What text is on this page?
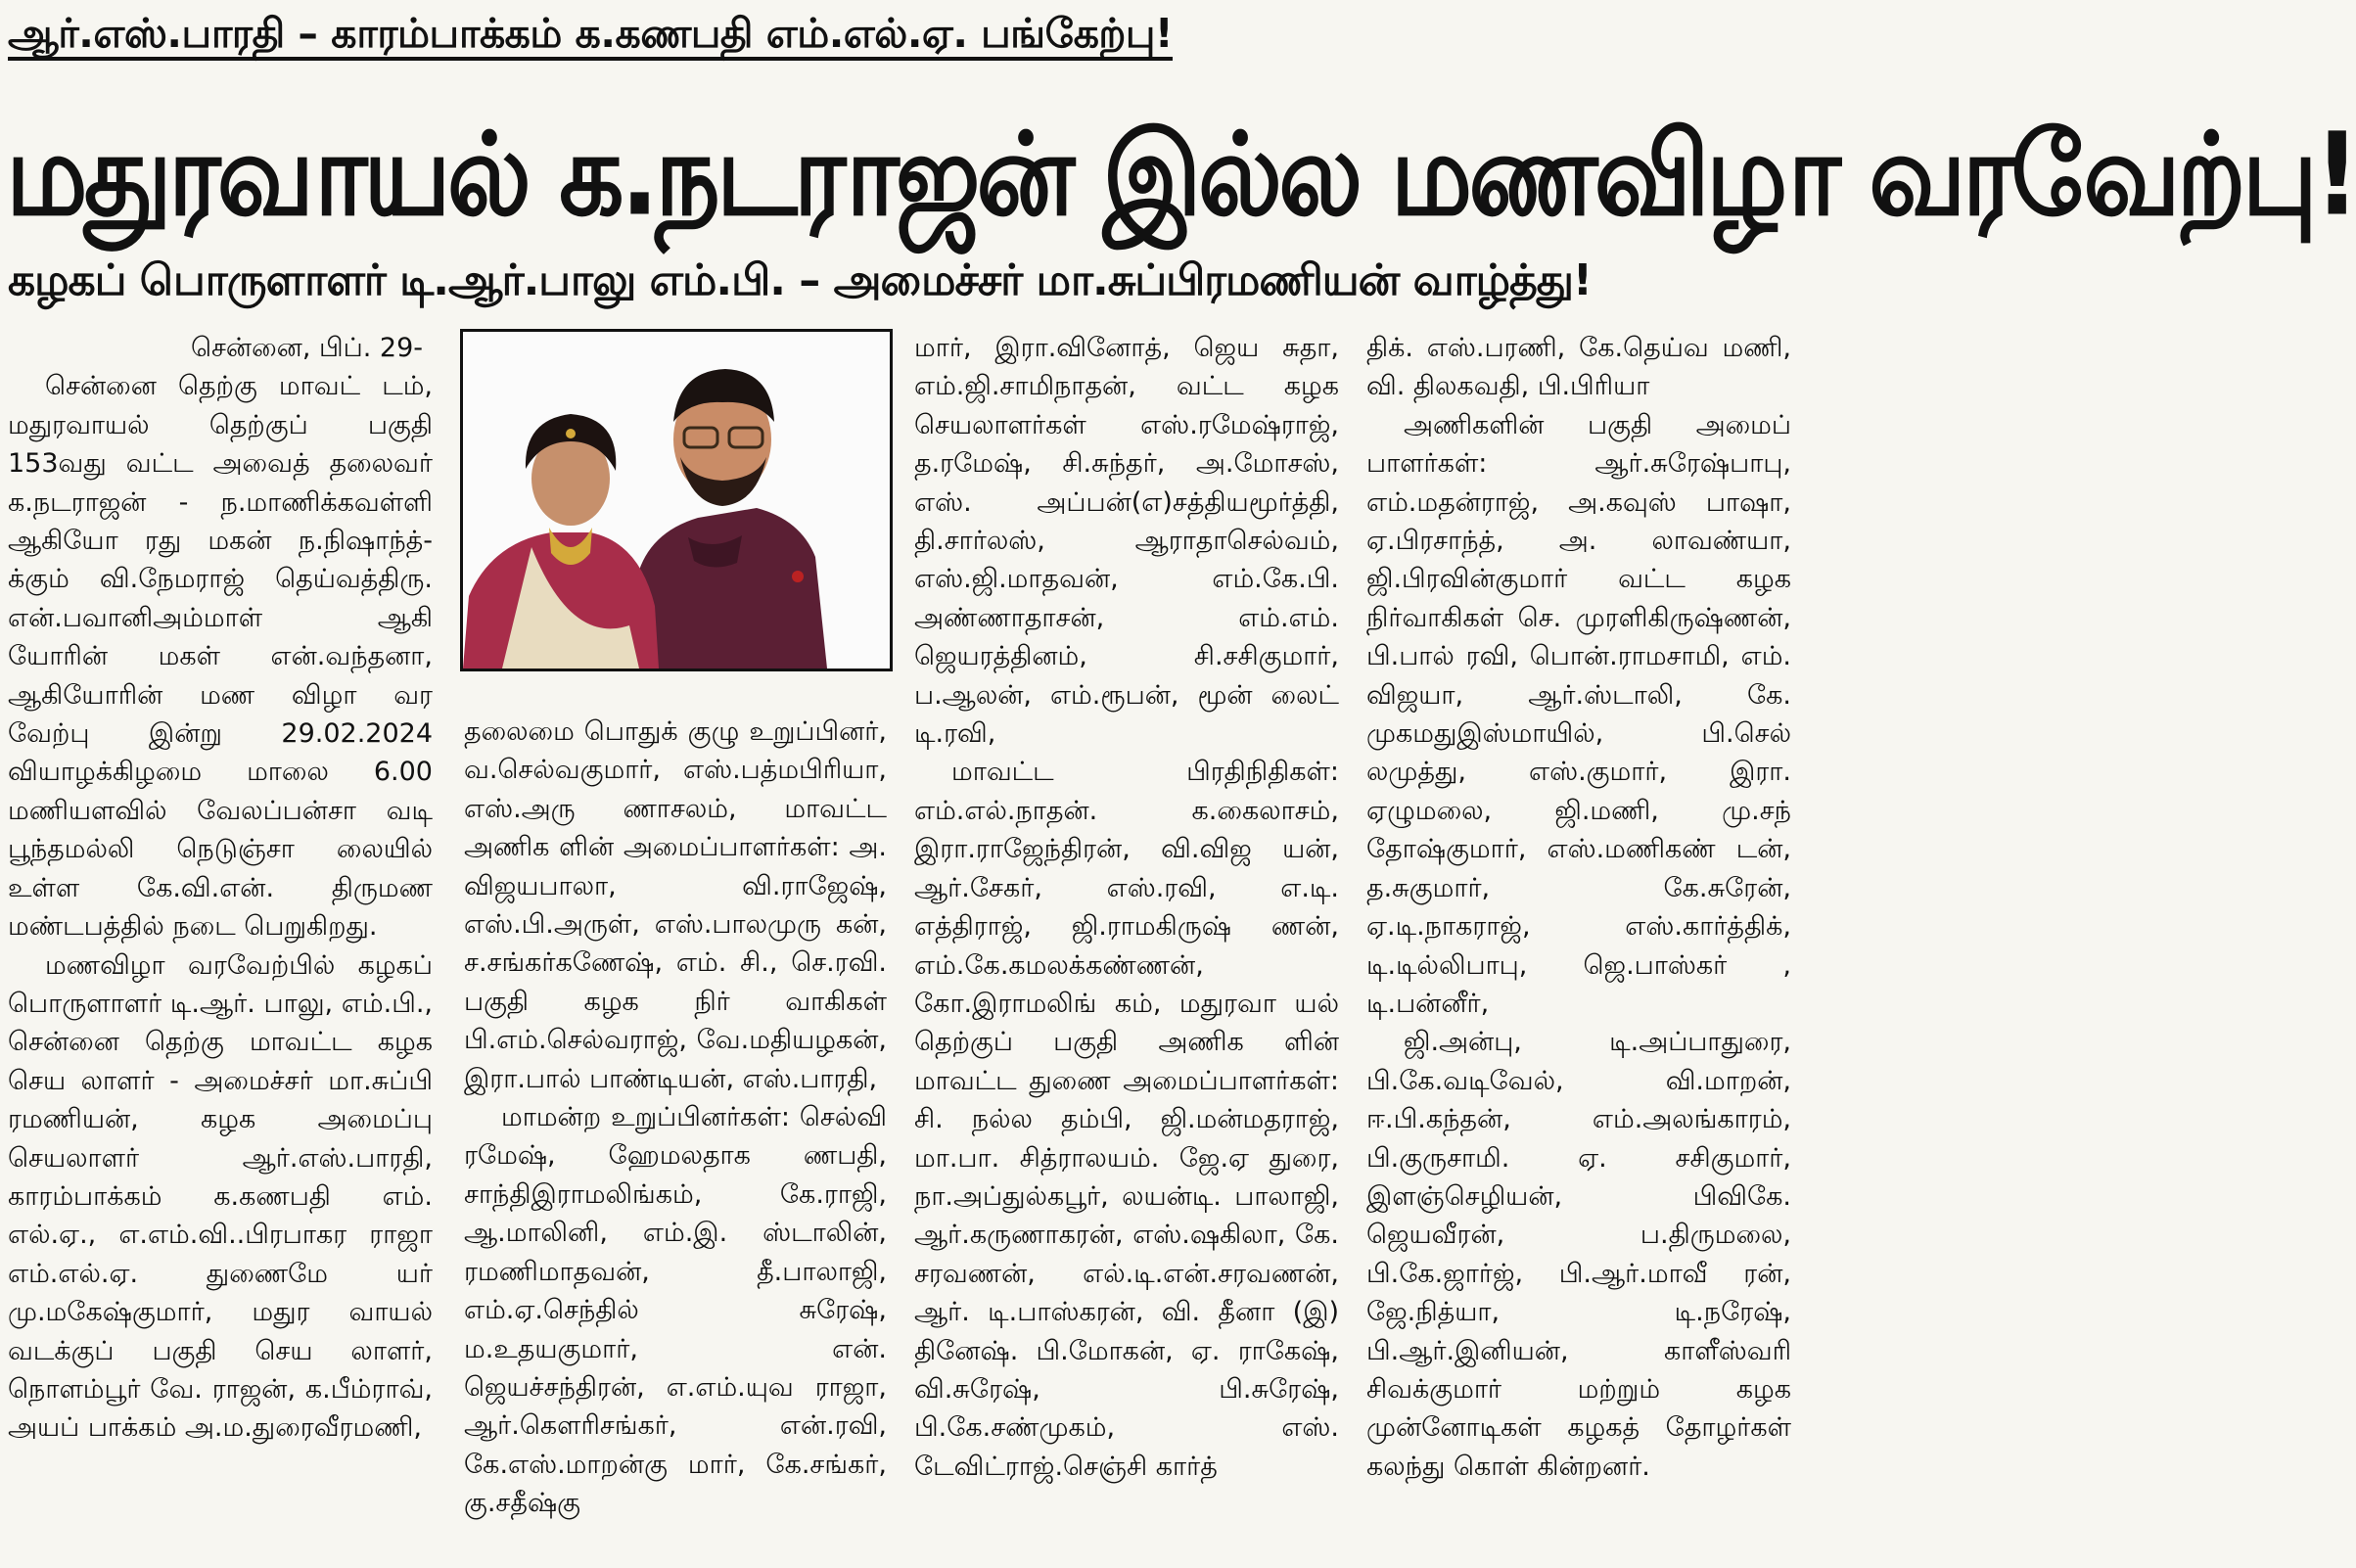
ஆர்.எஸ்.பாரதி – காரம்பாக்கம் க.கணபதி எம்.எல்.ஏ. பங்கேற்பு!
மதுரவாயல் க.நடராஜன் இல்ல மணவிழா வரவேற்பு!
கழகப் பொருளாளர் டி.ஆர்.பாலு எம்.பி. – அமைச்சர் மா.சுப்பிரமணியன் வாழ்த்து!

சென்னை, பிப். 29-

சென்னை தெற்கு மாவட் டம், மதுரவாயல் தெற்குப் பகுதி 153வது வட்ட அவைத் தலைவர் க.நடராஜன் - ந.மாணிக்கவள்ளி ஆகியோ ரது மகன் ந.நிஷாந்த்-க்கும் வி.நேமராஜ் தெய்வத்திரு. என்.பவானிஅம்மாள் ஆகி யோரின் மகள் என்.வந்தனா, ஆகியோரின் மண விழா வர வேற்பு இன்று 29.02.2024 வியாழக்கிழமை மாலை 6.00 மணியளவில் வேலப்பன்சா வடி பூந்தமல்லி நெடுஞ்சா லையில் உள்ள கே.வி.என். திருமண மண்டபத்தில் நடை பெறுகிறது.

மணவிழா வரவேற்பில் கழகப் பொருளாளர் டி.ஆர். பாலு, எம்.பி., சென்னை தெற்கு மாவட்ட கழக செய லாளர் - அமைச்சர் மா.சுப்பி ரமணியன், கழக அமைப்பு செயலாளர் ஆர்.எஸ்.பாரதி, காரம்பாக்கம் க.கணபதி எம். எல்.ஏ., எ.எம்.வி..பிரபாகர ராஜா எம்.எல்.ஏ. துணைமே யர் மு.மகேஷ்குமார், மதுர வாயல் வடக்குப் பகுதி செய லாளர், நொளம்பூர் வே. ராஜன், க.பீம்ராவ், அயப் பாக்கம் அ.ம.துரைவீரமணி,

தலைமை பொதுக் குழு உறுப்பினர், வ.செல்வகுமார், எஸ்.பத்மபிரியா, எஸ்.அரு ணாசலம், மாவட்ட அணிக ளின் அமைப்பாளர்கள்: அ. விஜயபாலா, வி.ராஜேஷ், எஸ்.பி.அருள், எஸ்.பாலமுரு கன், ச.சங்கர்கணேஷ், எம். சி., செ.ரவி. பகுதி கழக நிர் வாகிகள் பி.எம்.செல்வராஜ், வே.மதியழகன், இரா.பால் பாண்டியன், எஸ்.பாரதி,

மாமன்ற உறுப்பினர்கள்: செல்வி ரமேஷ், ஹேமலதாக ணபதி, சாந்திஇராமலிங்கம், கே.ராஜி, ஆ.மாலினி, எம்.இ. ஸ்டாலின், ரமணிமாதவன், தீ.பாலாஜி, எம்.ஏ.செந்தில் சுரேஷ், ம.உதயகுமார், என். ஜெயச்சந்திரன், எ.எம்.யுவ ராஜா, ஆர்.கௌரிசங்கர், என்.ரவி, கே.எஸ்.மாறன்கு மார், கே.சங்கர், கு.சதீஷ்கு

மார், இரா.வினோத், ஜெய சுதா, எம்.ஜி.சாமிநாதன், வட்ட கழக செயலாளர்கள் எஸ்.ரமேஷ்ராஜ், த.ரமேஷ், சி.சுந்தர், அ.மோசஸ், எஸ். அப்பன்(எ)சத்தியமூர்த்தி, தி.சார்லஸ், ஆராதாசெல்வம், எஸ்.ஜி.மாதவன், எம்.கே.பி. அண்ணாதாசன், எம்.எம். ஜெயரத்தினம், சி.சசிகுமார், ப.ஆலன், எம்.ரூபன், மூன் லைட் டி.ரவி,

மாவட்ட பிரதிநிதிகள்: எம்.எல்.நாதன். க.கைலாசம், இரா.ராஜேந்திரன், வி.விஜ யன், ஆர்.சேகர், எஸ்.ரவி, எ.டி. எத்திராஜ், ஜி.ராமகிருஷ் ணன், எம்.கே.கமலக்கண்ணன், கோ.இராமலிங் கம், மதுரவா யல் தெற்குப் பகுதி அணிக ளின் மாவட்ட துணை அமைப்பாளர்கள்: சி. நல்ல தம்பி, ஜி.மன்மதராஜ், மா.பா. சித்ராலயம். ஜே.ஏ துரை, நா.அப்துல்கபூர், லயன்டி. பாலாஜி, ஆர்.கருணாகரன், எஸ்.ஷகிலா, கே. சரவணன், எல்.டி.என்.சரவணன், ஆர். டி.பாஸ்கரன், வி. தீனா (இ) தினேஷ். பி.மோகன், ஏ. ராகேஷ், வி.சுரேஷ், பி.சுரேஷ், பி.கே.சண்முகம், எஸ். டேவிட்ராஜ்.செஞ்சி கார்த்

திக். எஸ்.பரணி, கே.தெய்வ மணி, வி. திலகவதி, பி.பிரியா

அணிகளின் பகுதி அமைப் பாளர்கள்: ஆர்.சுரேஷ்பாபு, எம்.மதன்ராஜ், அ.கவுஸ் பாஷா, ஏ.பிரசாந்த், அ. லாவண்யா, ஜி.பிரவின்குமார் வட்ட கழக நிர்வாகிகள் செ. முரளிகிருஷ்ணன், பி.பால் ரவி, பொன்.ராமசாமி, எம். விஜயா, ஆர்.ஸ்டாலி, கே. முகமதுஇஸ்மாயில், பி.செல் லமுத்து, எஸ்.குமார், இரா. ஏழுமலை, ஜி.மணி, மு.சந் தோஷ்குமார், எஸ்.மணிகண் டன், த.சுகுமார், கே.சுரேன், ஏ.டி.நாகராஜ், எஸ்.கார்த்திக், டி.டில்லிபாபு, ஜெ.பாஸ்கர் , டி.பன்னீர்,

ஜி.அன்பு, டி.அப்பாதுரை, பி.கே.வடிவேல், வி.மாறன், ஈ.பி.கந்தன், எம்.அலங்காரம், பி.குருசாமி. ஏ. சசிகுமார், இளஞ்செழியன், பிவிகே. ஜெயவீரன், ப.திருமலை, பி.கே.ஜார்ஜ், பி.ஆர்.மாவீ ரன், ஜே.நித்யா, டி.நரேஷ், பி.ஆர்.இனியன், காளீஸ்வரி சிவக்குமார் மற்றும் கழக முன்னோடிகள் கழகத் தோழர்கள் கலந்து கொள் கின்றனர்.
